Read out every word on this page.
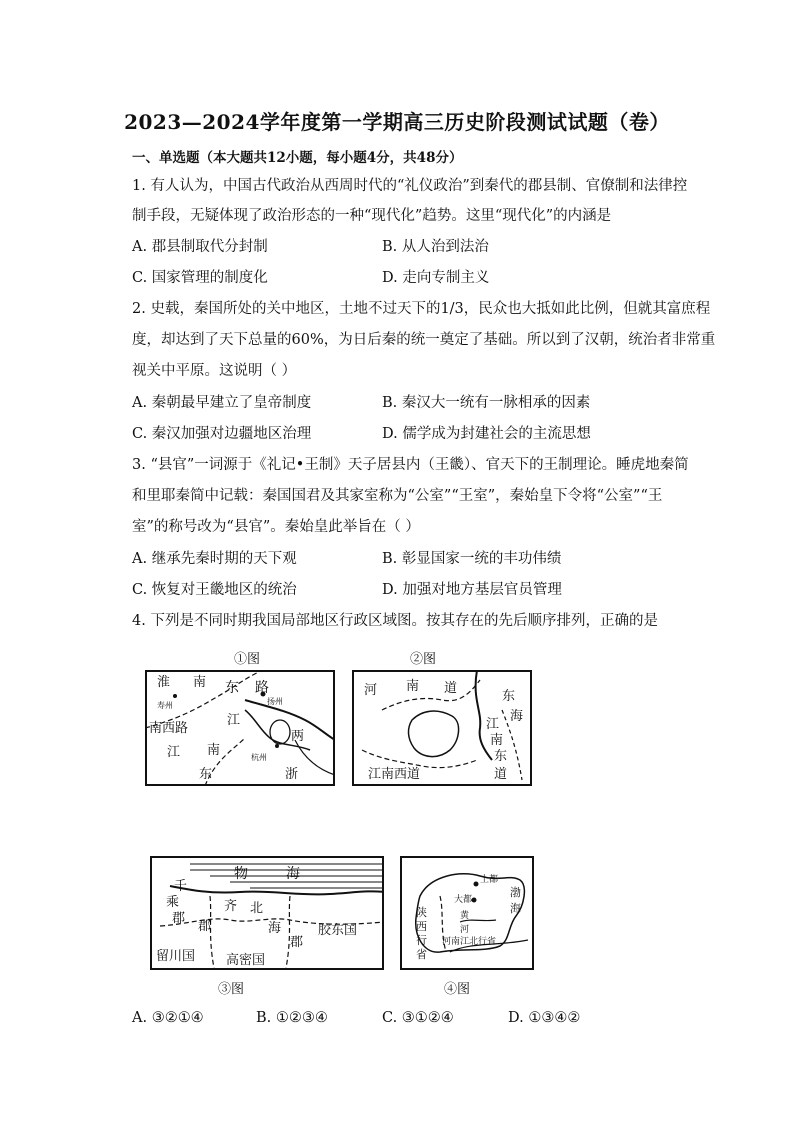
2023—2024学年度第一学期高三历史阶段测试试题（卷）
一、单选题（本大题共12小题，每小题4分，共48分）
1. 有人认为，中国古代政治从西周时代的“礼仪政治”到秦代的郡县制、官僚制和法律控
制手段，无疑体现了政治形态的一种“现代化”趋势。这里“现代化”的内涵是
A. 郡县制取代分封制	B. 从人治到法治
C. 国家管理的制度化	D. 走向专制主义
2. 史载，秦国所处的关中地区，土地不过天下的1/3，民众也大抵如此比例，但就其富庶程
度，却达到了天下总量的60%，为日后秦的统一奠定了基础。所以到了汉朝，统治者非常重
视关中平原。这说明（ ）
A. 秦朝最早建立了皇帝制度	B. 秦汉大一统有一脉相承的因素
C. 秦汉加强对边疆地区治理	D. 儒学成为封建社会的主流思想
3. “县官”一词源于《礼记•王制》天子居县内（王畿）、官天下的王制理论。睡虎地秦简
和里耶秦简中记载：秦国国君及其家室称为“公室”“王室”，秦始皇下令将“公室”“王
室”的称号改为“县官”。秦始皇此举旨在（ ）
A. 继承先秦时期的天下观	B. 彰显国家一统的丰功伟绩
C. 恢复对王畿地区的统治	D. 加强对地方基层官员管理
4. 下列是不同时期我国局部地区行政区域图。按其存在的先后顺序排列，正确的是
①图
淮 南 东 路
扬州
寿州
南西路
江
两
江 南
东
杭州
浙
②图
河 南 道
东
海
江
南
东
道
江南西道
物	海
千
乘
郡
齐 北
郡	海
郡
胶东国
留川国 高密国
③图
上都
大都
渤
海
黄
河
陕
西
行
省
河南江北行省
④图
A. ③②①④	B. ①②③④	C. ③①②④	D. ①③④②
